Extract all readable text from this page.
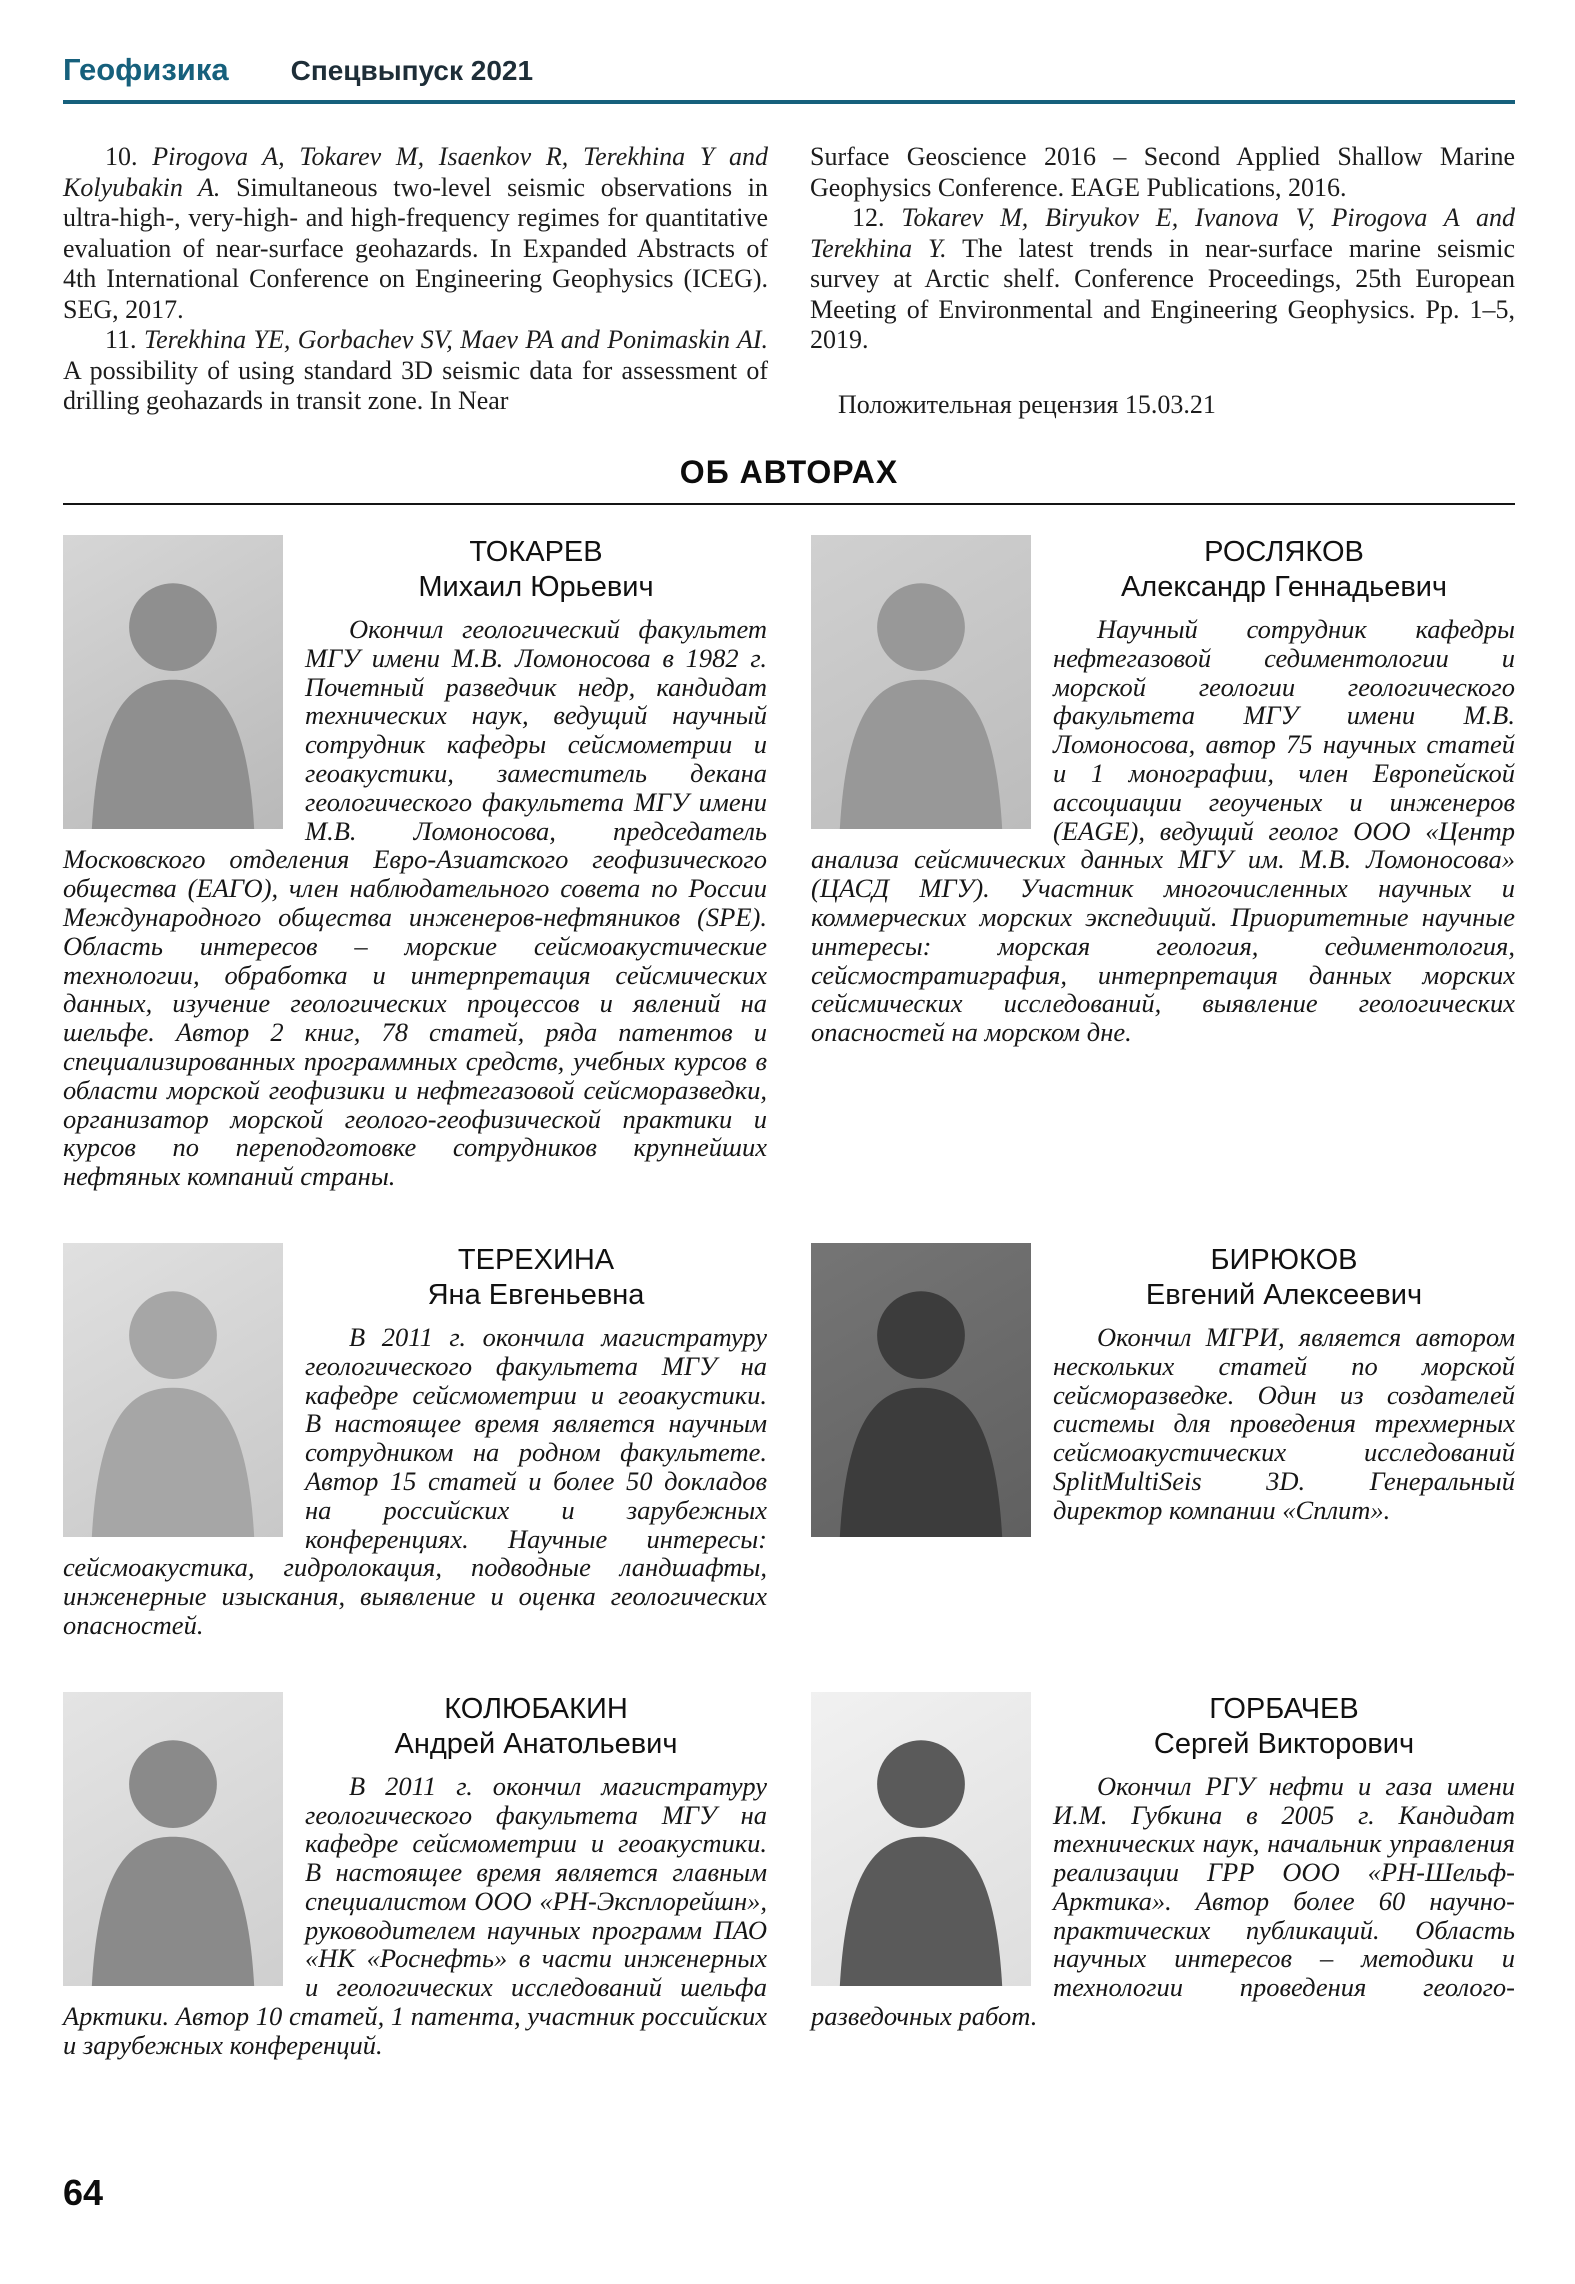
Геофизика Спецвыпуск 2021

10. Pirogova A, Tokarev M, Isaenkov R, Terekhina Y and Kolyubakin A. Simultaneous two-level seismic observations in ultra-high-, very-high- and high-frequency regimes for quantitative evaluation of near-surface geohazards. In Expanded Abstracts of 4th International Conference on Engineering Geophysics (ICEG). SEG, 2017.

11. Terekhina YE, Gorbachev SV, Maev PA and Ponimaskin AI. A possibility of using standard 3D seismic data for assessment of drilling geohazards in transit zone. In Near

Surface Geoscience 2016 – Second Applied Shallow Marine Geophysics Conference. EAGE Publications, 2016.

12. Tokarev M, Biryukov E, Ivanova V, Pirogova A and Terekhina Y. The latest trends in near-surface marine seismic survey at Arctic shelf. Conference Proceedings, 25th European Meeting of Environmental and Engineering Geophysics. Pp. 1–5, 2019.

Положительная рецензия 15.03.21

ОБ АВТОРАХ
ТОКАРЕВ
Михаил Юрьевич

Окончил геологический факультет МГУ имени М.В. Ломоносова в 1982 г. Почетный разведчик недр, кандидат технических наук, ведущий научный сотрудник кафедры сейсмометрии и геоакустики, заместитель декана геологического факультета МГУ имени М.В. Ломоносова, председатель Московского отделения Евро-Азиатского геофизического общества (ЕАГО), член наблюдательного совета по России Международного общества инженеров-нефтяников (SPE). Область интересов – морские сейсмоакустические технологии, обработка и интерпретация сейсмических данных, изучение геологических процессов и явлений на шельфе. Автор 2 книг, 78 статей, ряда патентов и специализированных программных средств, учебных курсов в области морской геофизики и нефтегазовой сейсморазведки, организатор морской геолого-геофизической практики и курсов по переподготовке сотрудников крупнейших нефтяных компаний страны.

РОСЛЯКОВ
Александр Геннадьевич

Научный сотрудник кафедры нефтегазовой седиментологии и морской геологии геологического факультета МГУ имени М.В. Ломоносова, автор 75 научных статей и 1 монографии, член Европейской ассоциации геоученых и инженеров (EAGE), ведущий геолог ООО «Центр анализа сейсмических данных МГУ им. М.В. Ломоносова» (ЦАСД МГУ). Участник многочисленных научных и коммерческих морских экспедиций. Приоритетные научные интересы: морская геология, седиментология, сейсмостратиграфия, интерпретация данных морских сейсмических исследований, выявление геологических опасностей на морском дне.

ТЕРЕХИНА
Яна Евгеньевна

В 2011 г. окончила магистратуру геологического факультета МГУ на кафедре сейсмометрии и геоакустики. В настоящее время является научным сотрудником на родном факультете. Автор 15 статей и более 50 докладов на российских и зарубежных конференциях. Научные интересы: сейсмоакустика, гидролокация, подводные ландшафты, инженерные изыскания, выявление и оценка геологических опасностей.

БИРЮКОВ
Евгений Алексеевич

Окончил МГРИ, является автором нескольких статей по морской сейсморазведке. Один из создателей системы для проведения трехмерных сейсмоакустических исследований SplitMultiSeis 3D. Генеральный директор компании «Сплит».

КОЛЮБАКИН
Андрей Анатольевич

В 2011 г. окончил магистратуру геологического факультета МГУ на кафедре сейсмометрии и геоакустики. В настоящее время является главным специалистом ООО «РН-Эксплорейшн», руководителем научных программ ПАО «НК «Роснефть» в части инженерных и геологических исследований шельфа Арктики. Автор 10 статей, 1 патента, участник российских и зарубежных конференций.

ГОРБАЧЕВ
Сергей Викторович

Окончил РГУ нефти и газа имени И.М. Губкина в 2005 г. Кандидат технических наук, начальник управления реализации ГРР ООО «РН-Шельф-Арктика». Автор более 60 научно-практических публикаций. Область научных интересов – методики и технологии проведения геолого-разведочных работ.

64
